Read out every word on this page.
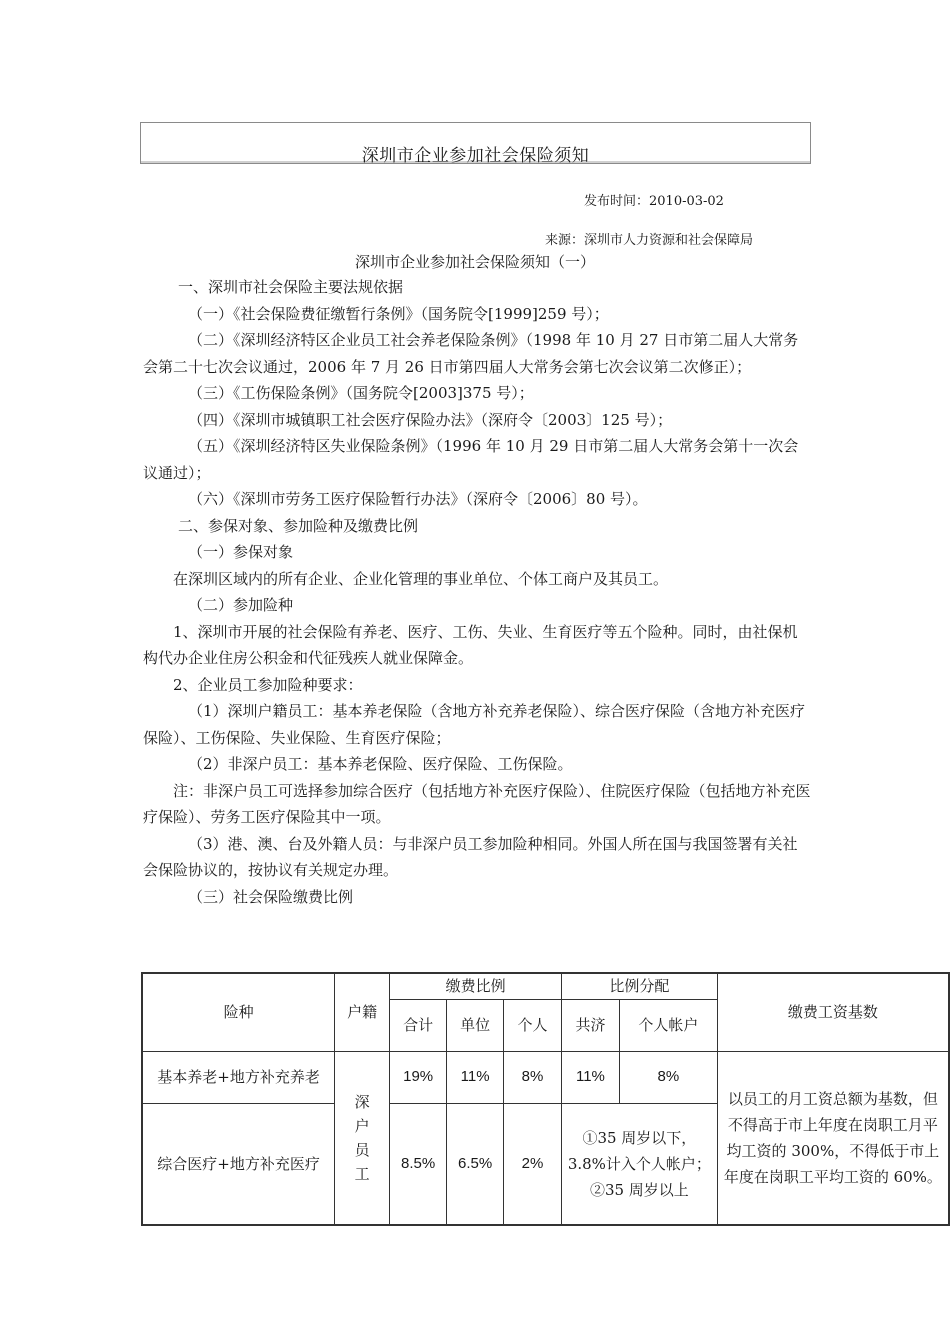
深圳市企业参加社会保险须知
发布时间：2010-03-02
来源：深圳市人力资源和社会保障局
深圳市企业参加社会保险须知（一）

一、深圳市社会保险主要法规依据

（一）《社会保险费征缴暂行条例》（国务院令[1999]259 号）；

（二）《深圳经济特区企业员工社会养老保险条例》（1998 年 10 月 27 日市第二届人大常务会第二十七次会议通过，2006 年 7 月 26 日市第四届人大常务会第七次会议第二次修正）；

（三）《工伤保险条例》（国务院令[2003]375 号）；

（四）《深圳市城镇职工社会医疗保险办法》（深府令〔2003〕125 号）；

（五）《深圳经济特区失业保险条例》（1996 年 10 月 29 日市第二届人大常务会第十一次会议通过）；

（六）《深圳市劳务工医疗保险暂行办法》（深府令〔2006〕80 号）。

二、参保对象、参加险种及缴费比例

（一）参保对象

在深圳区域内的所有企业、企业化管理的事业单位、个体工商户及其员工。

（二）参加险种

1、深圳市开展的社会保险有养老、医疗、工伤、失业、生育医疗等五个险种。同时，由社保机构代办企业住房公积金和代征残疾人就业保障金。

2、企业员工参加险种要求：

（1）深圳户籍员工：基本养老保险（含地方补充养老保险）、综合医疗保险（含地方补充医疗保险）、工伤保险、失业保险、生育医疗保险；

（2）非深户员工：基本养老保险、医疗保险、工伤保险。

注：非深户员工可选择参加综合医疗（包括地方补充医疗保险）、住院医疗保险（包括地方补充医疗保险）、劳务工医疗保险其中一项。

（3）港、澳、台及外籍人员：与非深户员工参加险种相同。外国人所在国与我国签署有关社会保险协议的，按协议有关规定办理。

（三）社会保险缴费比例

险种	户籍	缴费比例			比例分配		缴费工资基数
		合计	单位	个人	共济	个人帐户	
基本养老+地方补充养老	深户员工	19%	11%	8%	11%	8%	以员工的月工资总额为基数，但不得高于市上年度在岗职工月平均工资的 300%，不得低于市上年度在岗职工平均工资的 60%。
综合医疗+地方补充医疗		8.5%	6.5%	2%	①35 周岁以下，3.8%计入个人帐户；②35 周岁以上		
